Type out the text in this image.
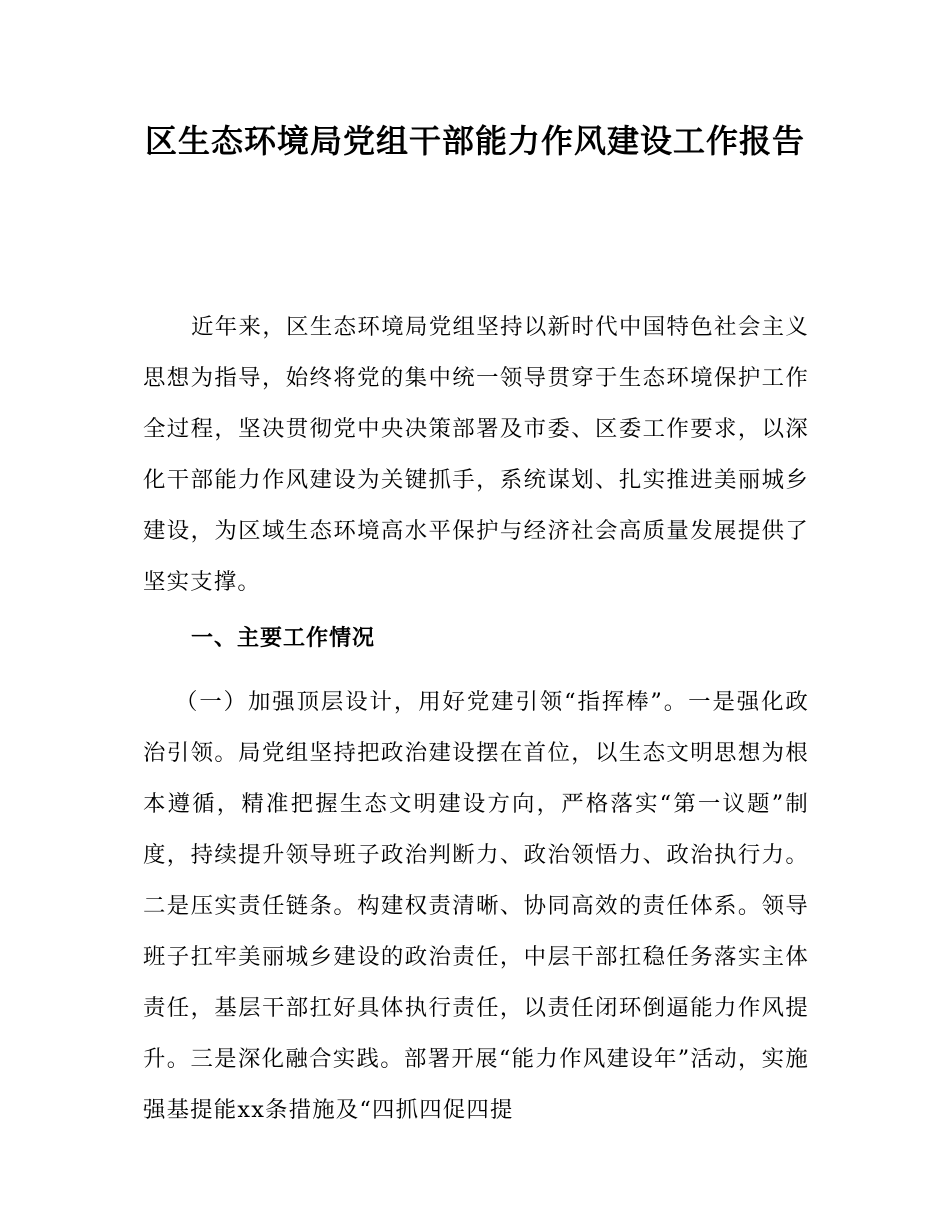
区生态环境局党组干部能力作风建设工作报告

近年来，区生态环境局党组坚持以新时代中国特色社会主义思想为指导，始终将党的集中统一领导贯穿于生态环境保护工作全过程，坚决贯彻党中央决策部署及市委、区委工作要求，以深化干部能力作风建设为关键抓手，系统谋划、扎实推进美丽城乡建设，为区域生态环境高水平保护与经济社会高质量发展提供了坚实支撑。

一、主要工作情况

（一）加强顶层设计，用好党建引领“指挥棒”。一是强化政治引领。局党组坚持把政治建设摆在首位，以生态文明思想为根本遵循，精准把握生态文明建设方向，严格落实“第一议题”制度，持续提升领导班子政治判断力、政治领悟力、政治执行力。二是压实责任链条。构建权责清晰、协同高效的责任体系。领导班子扛牢美丽城乡建设的政治责任，中层干部扛稳任务落实主体责任，基层干部扛好具体执行责任，以责任闭环倒逼能力作风提升。三是深化融合实践。部署开展“能力作风建设年”活动，实施强基提能xx条措施及“四抓四促四提
